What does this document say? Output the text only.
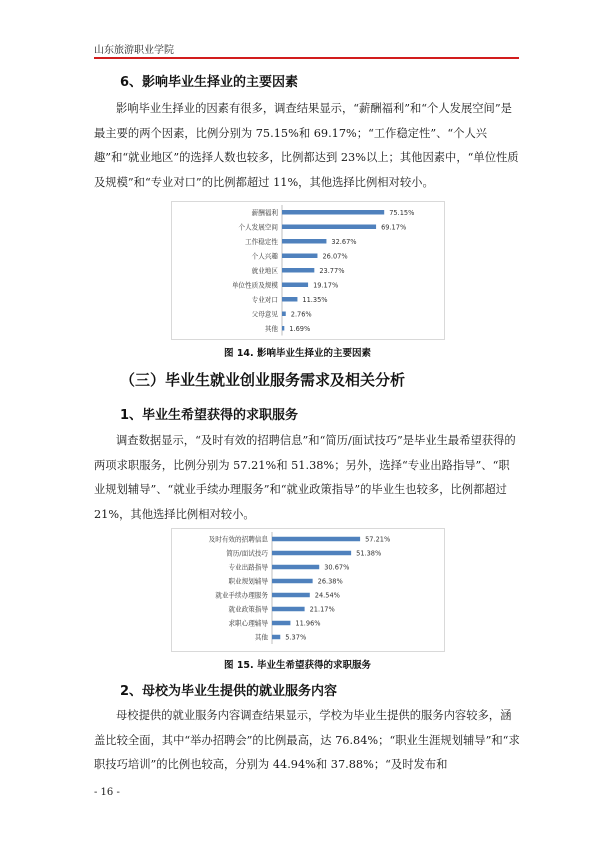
山东旅游职业学院
6、影响毕业生择业的主要因素

影响毕业生择业的因素有很多，调查结果显示，“薪酬福利”和“个人发展空间”是最主要的两个因素，比例分别为 75.15%和 69.17%；“工作稳定性”、“个人兴趣”和“就业地区”的选择人数也较多，比例都达到 23%以上；其他因素中，“单位性质及规模”和“专业对口”的比例都超过 11%，其他选择比例相对较小。

薪酬福利	75.15%
个人发展空间	69.17%
工作稳定性	32.67%
个人兴趣	26.07%
就业地区	23.77%
单位性质及规模	19.17%
专业对口	11.35%
父母意见 2.76%
其他 1.69%
图 14. 影响毕业生择业的主要因素
（三）毕业生就业创业服务需求及相关分析
1、毕业生希望获得的求职服务

调查数据显示，“及时有效的招聘信息”和“简历/面试技巧”是毕业生最希望获得的两项求职服务，比例分别为 57.21%和 51.38%；另外，选择“专业出路指导”、“职业规划辅导”、“就业手续办理服务”和“就业政策指导”的毕业生也较多，比例都超过 21%，其他选择比例相对较小。

及时有效的招聘信息	57.21%
简历/面试技巧	51.38%
专业出路指导	30.67%
职业规划辅导	26.38%
就业手续办理服务	24.54%
就业政策指导	21.17%
求职心理辅导	11.96%
其他	5.37%
图 15. 毕业生希望获得的求职服务
2、母校为毕业生提供的就业服务内容

母校提供的就业服务内容调查结果显示，学校为毕业生提供的服务内容较多，涵盖比较全面，其中“举办招聘会”的比例最高，达 76.84%；“职业生涯规划辅导”和“求职技巧培训”的比例也较高，分别为 44.94%和 37.88%；“及时发布和

- 16 -
